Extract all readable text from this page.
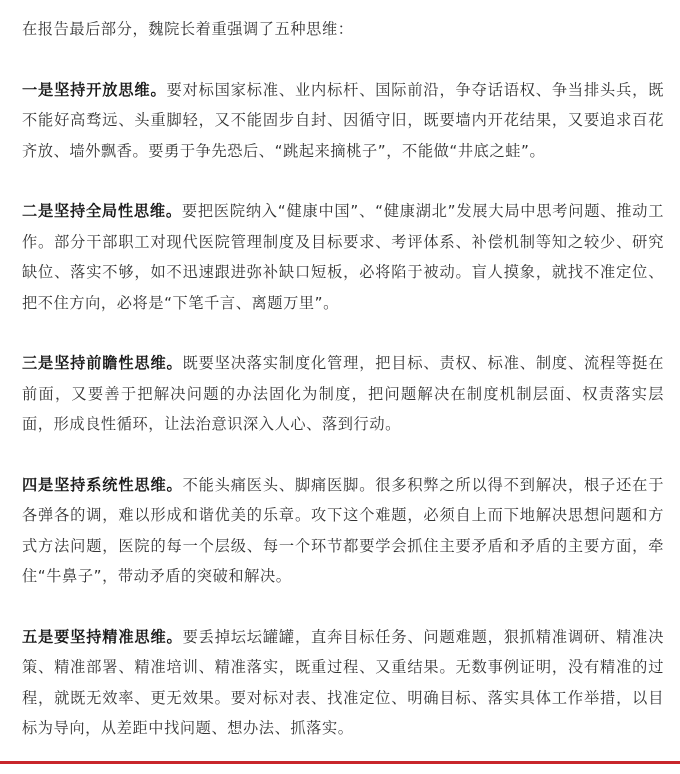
在报告最后部分，魏院长着重强调了五种思维：

一是坚持开放思维。要对标国家标准、业内标杆、国际前沿，争夺话语权、争当排头兵，既不能好高骛远、头重脚轻，又不能固步自封、因循守旧，既要墙内开花结果，又要追求百花齐放、墙外飘香。要勇于争先恐后、“跳起来摘桃子”，不能做“井底之蛙”。

二是坚持全局性思维。要把医院纳入“健康中国”、“健康湖北”发展大局中思考问题、推动工作。部分干部职工对现代医院管理制度及目标要求、考评体系、补偿机制等知之较少、研究缺位、落实不够，如不迅速跟进弥补缺口短板，必将陷于被动。盲人摸象，就找不准定位、把不住方向，必将是“下笔千言、离题万里”。

三是坚持前瞻性思维。既要坚决落实制度化管理，把目标、责权、标准、制度、流程等挺在前面，又要善于把解决问题的办法固化为制度，把问题解决在制度机制层面、权责落实层面，形成良性循环，让法治意识深入人心、落到行动。

四是坚持系统性思维。不能头痛医头、脚痛医脚。很多积弊之所以得不到解决，根子还在于各弹各的调，难以形成和谐优美的乐章。攻下这个难题，必须自上而下地解决思想问题和方式方法问题，医院的每一个层级、每一个环节都要学会抓住主要矛盾和矛盾的主要方面，牵住“牛鼻子”，带动矛盾的突破和解决。

五是要坚持精准思维。要丢掉坛坛罐罐，直奔目标任务、问题难题，狠抓精准调研、精准决策、精准部署、精准培训、精准落实，既重过程、又重结果。无数事例证明，没有精准的过程，就既无效率、更无效果。要对标对表、找准定位、明确目标、落实具体工作举措，以目标为导向，从差距中找问题、想办法、抓落实。
